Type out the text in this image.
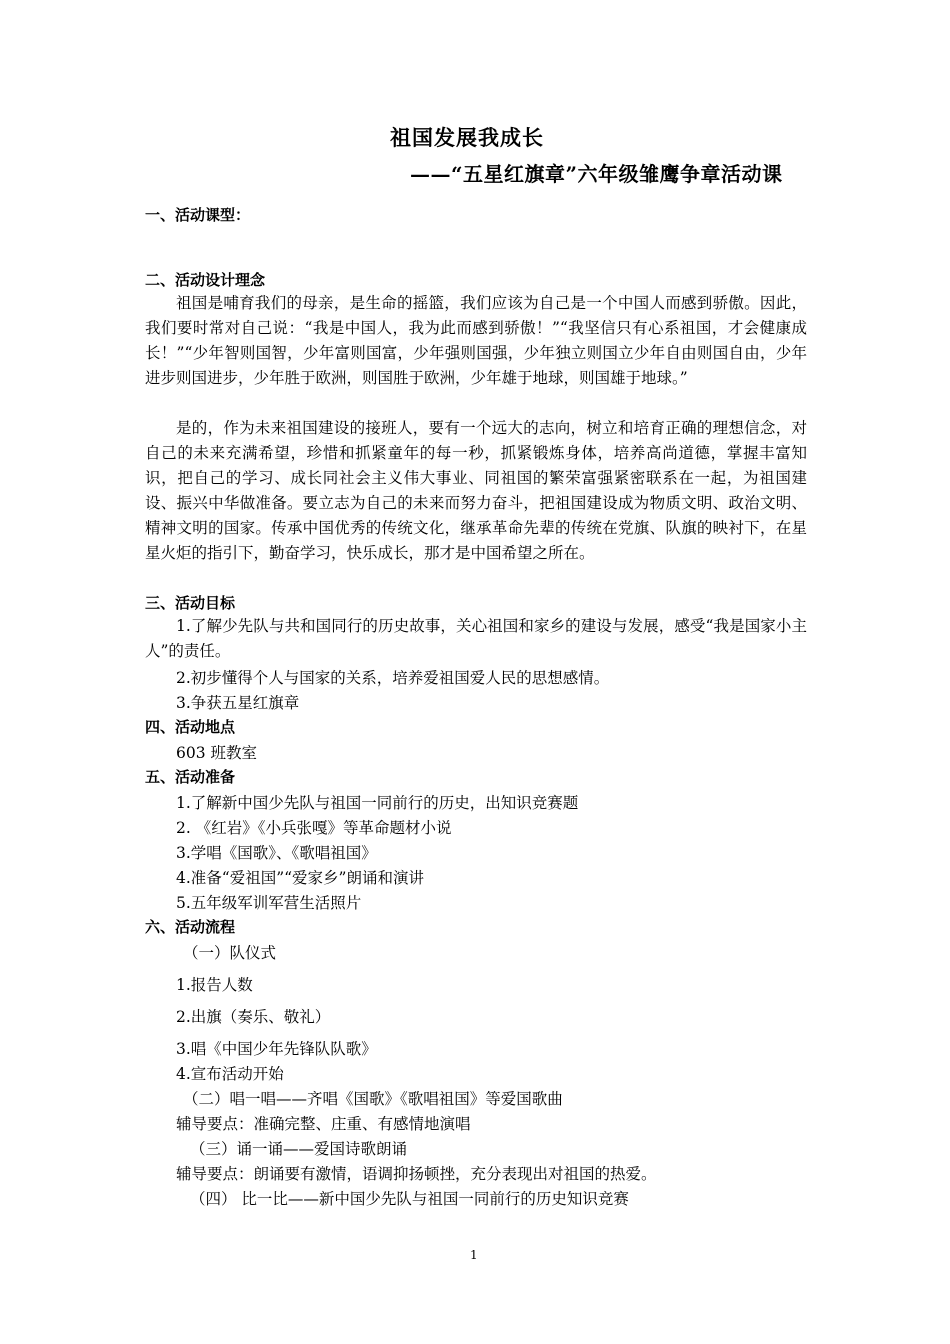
祖国发展我成长
——“五星红旗章”六年级雏鹰争章活动课
一、活动课型：
二、活动设计理念
祖国是哺育我们的母亲，是生命的摇篮，我们应该为自己是一个中国人而感到骄傲。因此，我们要时常对自己说：“我是中国人，我为此而感到骄傲！”“我坚信只有心系祖国，才会健康成长！”“少年智则国智，少年富则国富，少年强则国强，少年独立则国立少年自由则国自由，少年进步则国进步，少年胜于欧洲，则国胜于欧洲，少年雄于地球，则国雄于地球。”
是的，作为未来祖国建设的接班人，要有一个远大的志向，树立和培育正确的理想信念，对自己的未来充满希望，珍惜和抓紧童年的每一秒，抓紧锻炼身体，培养高尚道德，掌握丰富知识，把自己的学习、成长同社会主义伟大事业、同祖国的繁荣富强紧密联系在一起，为祖国建设、振兴中华做准备。要立志为自己的未来而努力奋斗，把祖国建设成为物质文明、政治文明、精神文明的国家。传承中国优秀的传统文化，继承革命先辈的传统在党旗、队旗的映衬下，在星星火炬的指引下，勤奋学习，快乐成长，那才是中国希望之所在。
三、活动目标
1.了解少先队与共和国同行的历史故事，关心祖国和家乡的建设与发展，感受“我是国家小主人”的责任。
2.初步懂得个人与国家的关系，培养爱祖国爱人民的思想感情。
3.争获五星红旗章
四、活动地点
603 班教室
五、活动准备
1.了解新中国少先队与祖国一同前行的历史，出知识竞赛题
2. 《红岩》《小兵张嘎》等革命题材小说
3.学唱《国歌》、《歌唱祖国》
4.准备“爱祖国”“爱家乡”朗诵和演讲
5.五年级军训军营生活照片
六、活动流程
（一）队仪式
1.报告人数
2.出旗（奏乐、敬礼）
3.唱《中国少年先锋队队歌》
4.宣布活动开始
（二）唱一唱——齐唱《国歌》《歌唱祖国》等爱国歌曲
辅导要点：准确完整、庄重、有感情地演唱
（三）诵一诵——爱国诗歌朗诵
辅导要点：朗诵要有激情，语调抑扬顿挫，充分表现出对祖国的热爱。
（四） 比一比——新中国少先队与祖国一同前行的历史知识竞赛
1
